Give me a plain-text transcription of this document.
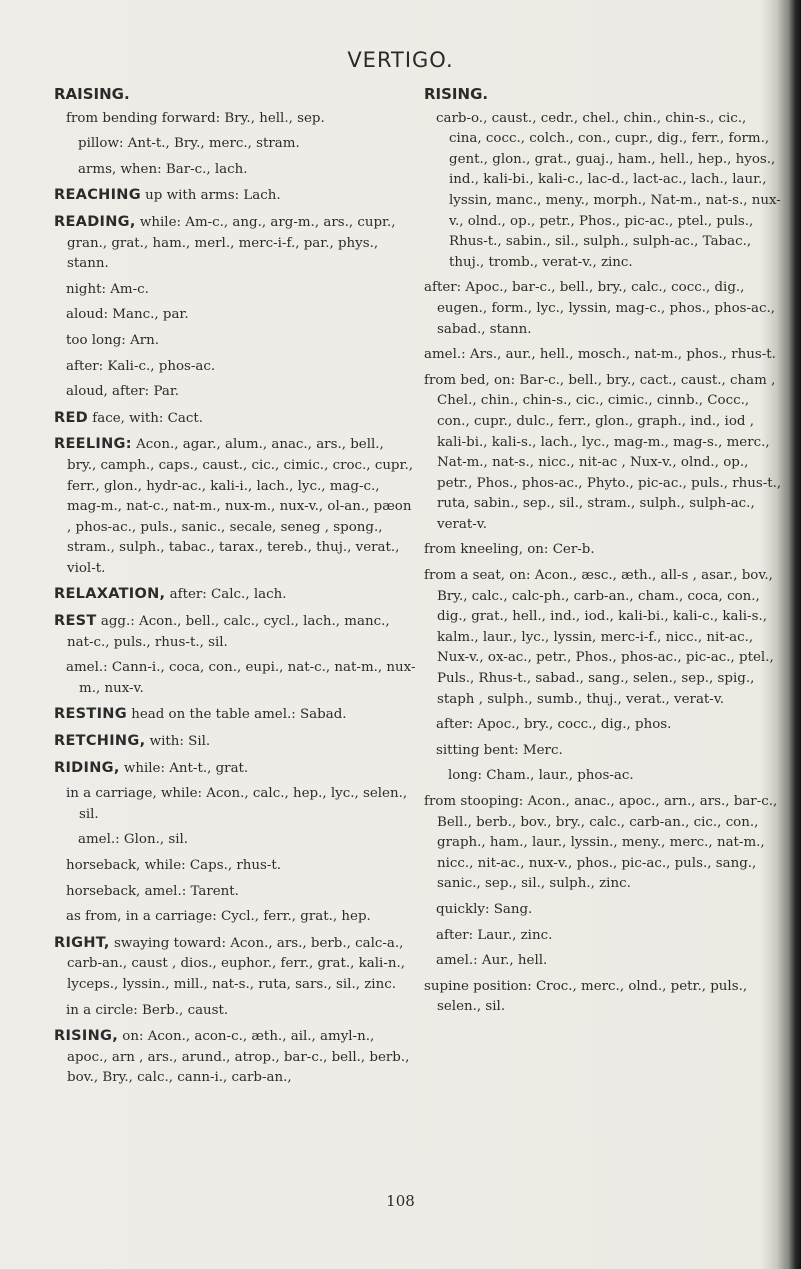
VERTIGO.
RAISING.
from bending forward: Bry., hell., sep.
pillow: Ant-t., Bry., merc., stram.
arms, when: Bar-c., lach.
REACHING up with arms: Lach.
READING, while: Am-c., ang., arg-m., ars., cupr., gran., grat., ham., merl., merc-i-f., par., phys., stann.
night: Am-c.
aloud: Manc., par.
too long: Arn.
after: Kali-c., phos-ac.
aloud, after: Par.
RED face, with: Cact.
REELING: Acon., agar., alum., anac., ars., bell., bry., camph., caps., caust., cic., cimic., croc., cupr., ferr., glon., hydr-ac., kali-i., lach., lyc., mag-c., mag-m., nat-c., nat-m., nux-m., nux-v., ol-an., pæon , phos-ac., puls., sanic., secale, seneg , spong., stram., sulph., tabac., tarax., tereb., thuj., verat., viol-t.
RELAXATION, after: Calc., lach.
REST agg.: Acon., bell., calc., cycl., lach., manc., nat-c., puls., rhus-t., sil.
amel.: Cann-i., coca, con., eupi., nat-c., nat-m., nux-m., nux-v.
RESTING head on the table amel.: Sabad.
RETCHING, with: Sil.
RIDING, while: Ant-t., grat.
in a carriage, while: Acon., calc., hep., lyc., selen., sil.
amel.: Glon., sil.
horseback, while: Caps., rhus-t.
horseback, amel.: Tarent.
as from, in a carriage: Cycl., ferr., grat., hep.
RIGHT, swaying toward: Acon., ars., berb., calc-a., carb-an., caust , dios., euphor., ferr., grat., kali-n., lyceps., lyssin., mill., nat-s., ruta, sars., sil., zinc.
in a circle: Berb., caust.
RISING, on: Acon., acon-c., æth., ail., amyl-n., apoc., arn , ars., arund., atrop., bar-c., bell., berb., bov., Bry., calc., cann-i., carb-an.,
RISING.
carb-o., caust., cedr., chel., chin., chin-s., cic., cina, cocc., colch., con., cupr., dig., ferr., form., gent., glon., grat., guaj., ham., hell., hep., hyos., ind., kali-bi., kali-c., lac-d., lact-ac., lach., laur., lyssin, manc., meny., morph., Nat-m., nat-s., nux-v., olnd., op., petr., Phos., pic-ac., ptel., puls., Rhus-t., sabin., sil., sulph., sulph-ac., Tabac., thuj., tromb., verat-v., zinc.
after: Apoc., bar-c., bell., bry., calc., cocc., dig., eugen., form., lyc., lyssin, mag-c., phos., phos-ac., sabad., stann.
amel.: Ars., aur., hell., mosch., nat-m., phos., rhus-t.
from bed, on: Bar-c., bell., bry., cact., caust., cham , Chel., chin., chin-s., cic., cimic., cinnb., Cocc., con., cupr., dulc., ferr., glon., graph., ind., iod , kali-bi., kali-s., lach., lyc., mag-m., mag-s., merc., Nat-m., nat-s., nicc., nit-ac , Nux-v., olnd., op., petr., Phos., phos-ac., Phyto., pic-ac., puls., rhus-t., ruta, sabin., sep., sil., stram., sulph., sulph-ac., verat-v.
from kneeling, on: Cer-b.
from a seat, on: Acon., æsc., æth., all-s , asar., bov., Bry., calc., calc-ph., carb-an., cham., coca, con., dig., grat., hell., ind., iod., kali-bi., kali-c., kali-s., kalm., laur., lyc., lyssin, merc-i-f., nicc., nit-ac., Nux-v., ox-ac., petr., Phos., phos-ac., pic-ac., ptel., Puls., Rhus-t., sabad., sang., selen., sep., spig., staph , sulph., sumb., thuj., verat., verat-v.
after: Apoc., bry., cocc., dig., phos.
sitting bent: Merc.
long: Cham., laur., phos-ac.
from stooping: Acon., anac., apoc., arn., ars., bar-c., Bell., berb., bov., bry., calc., carb-an., cic., con., graph., ham., laur., lyssin., meny., merc., nat-m., nicc., nit-ac., nux-v., phos., pic-ac., puls., sang., sanic., sep., sil., sulph., zinc.
quickly: Sang.
after: Laur., zinc.
amel.: Aur., hell.
supine position: Croc., merc., olnd., petr., puls., selen., sil.
108
